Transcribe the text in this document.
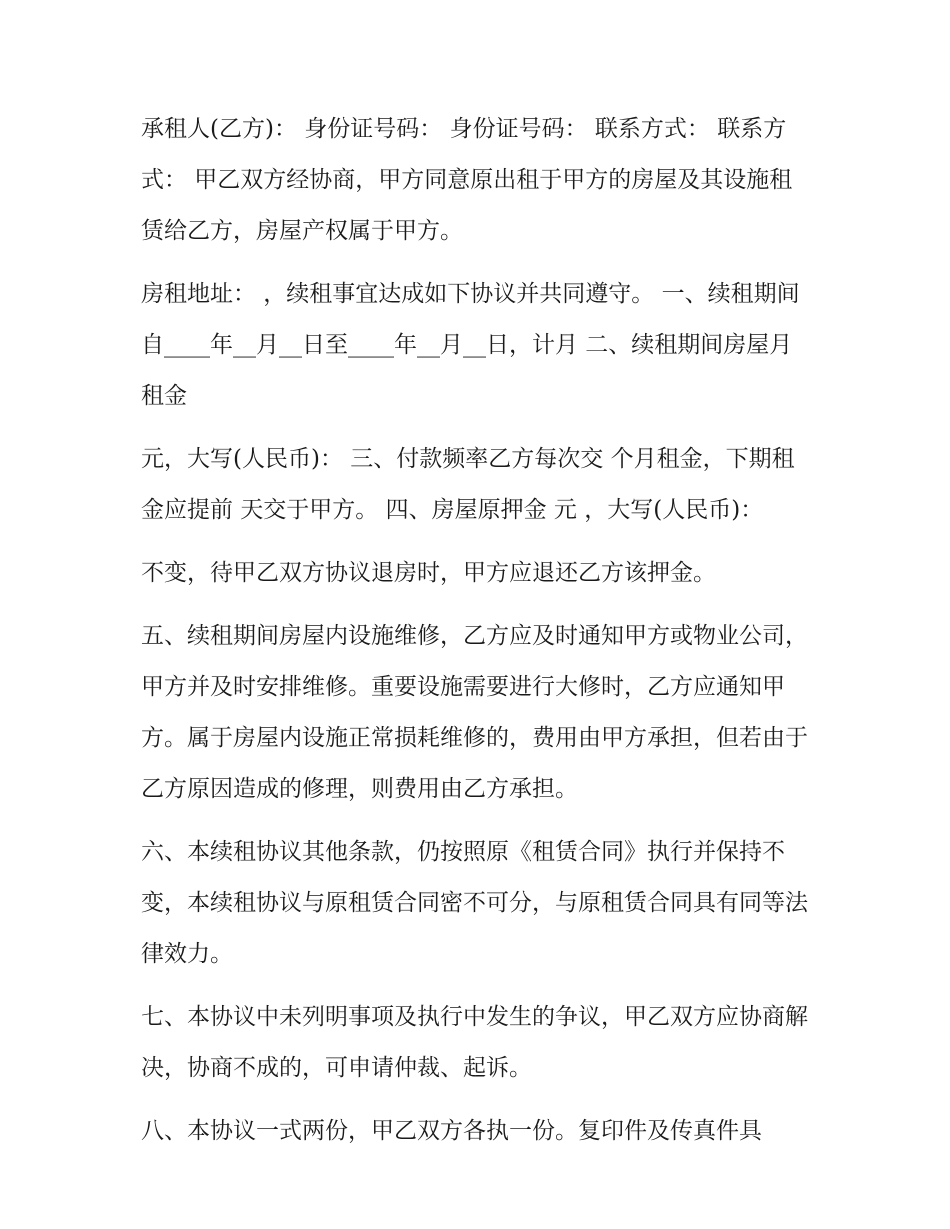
承租人(乙方)： 身份证号码： 身份证号码： 联系方式： 联系方式： 甲乙双方经协商，甲方同意原出租于甲方的房屋及其设施租赁给乙方，房屋产权属于甲方。

房租地址： ，续租事宜达成如下协议并共同遵守。 一、续租期间自____年__月__日至____年__月__日，计月 二、续租期间房屋月租金

元，大写(人民币)： 三、付款频率乙方每次交 个月租金，下期租金应提前 天交于甲方。 四、房屋原押金 元 ，大写(人民币)：

不变，待甲乙双方协议退房时，甲方应退还乙方该押金。

五、续租期间房屋内设施维修，乙方应及时通知甲方或物业公司，甲方并及时安排维修。重要设施需要进行大修时，乙方应通知甲方。属于房屋内设施正常损耗维修的，费用由甲方承担，但若由于乙方原因造成的修理，则费用由乙方承担。

六、本续租协议其他条款，仍按照原《租赁合同》执行并保持不变，本续租协议与原租赁合同密不可分，与原租赁合同具有同等法律效力。

七、本协议中未列明事项及执行中发生的争议，甲乙双方应协商解决，协商不成的，可申请仲裁、起诉。

八、本协议一式两份，甲乙双方各执一份。复印件及传真件具
